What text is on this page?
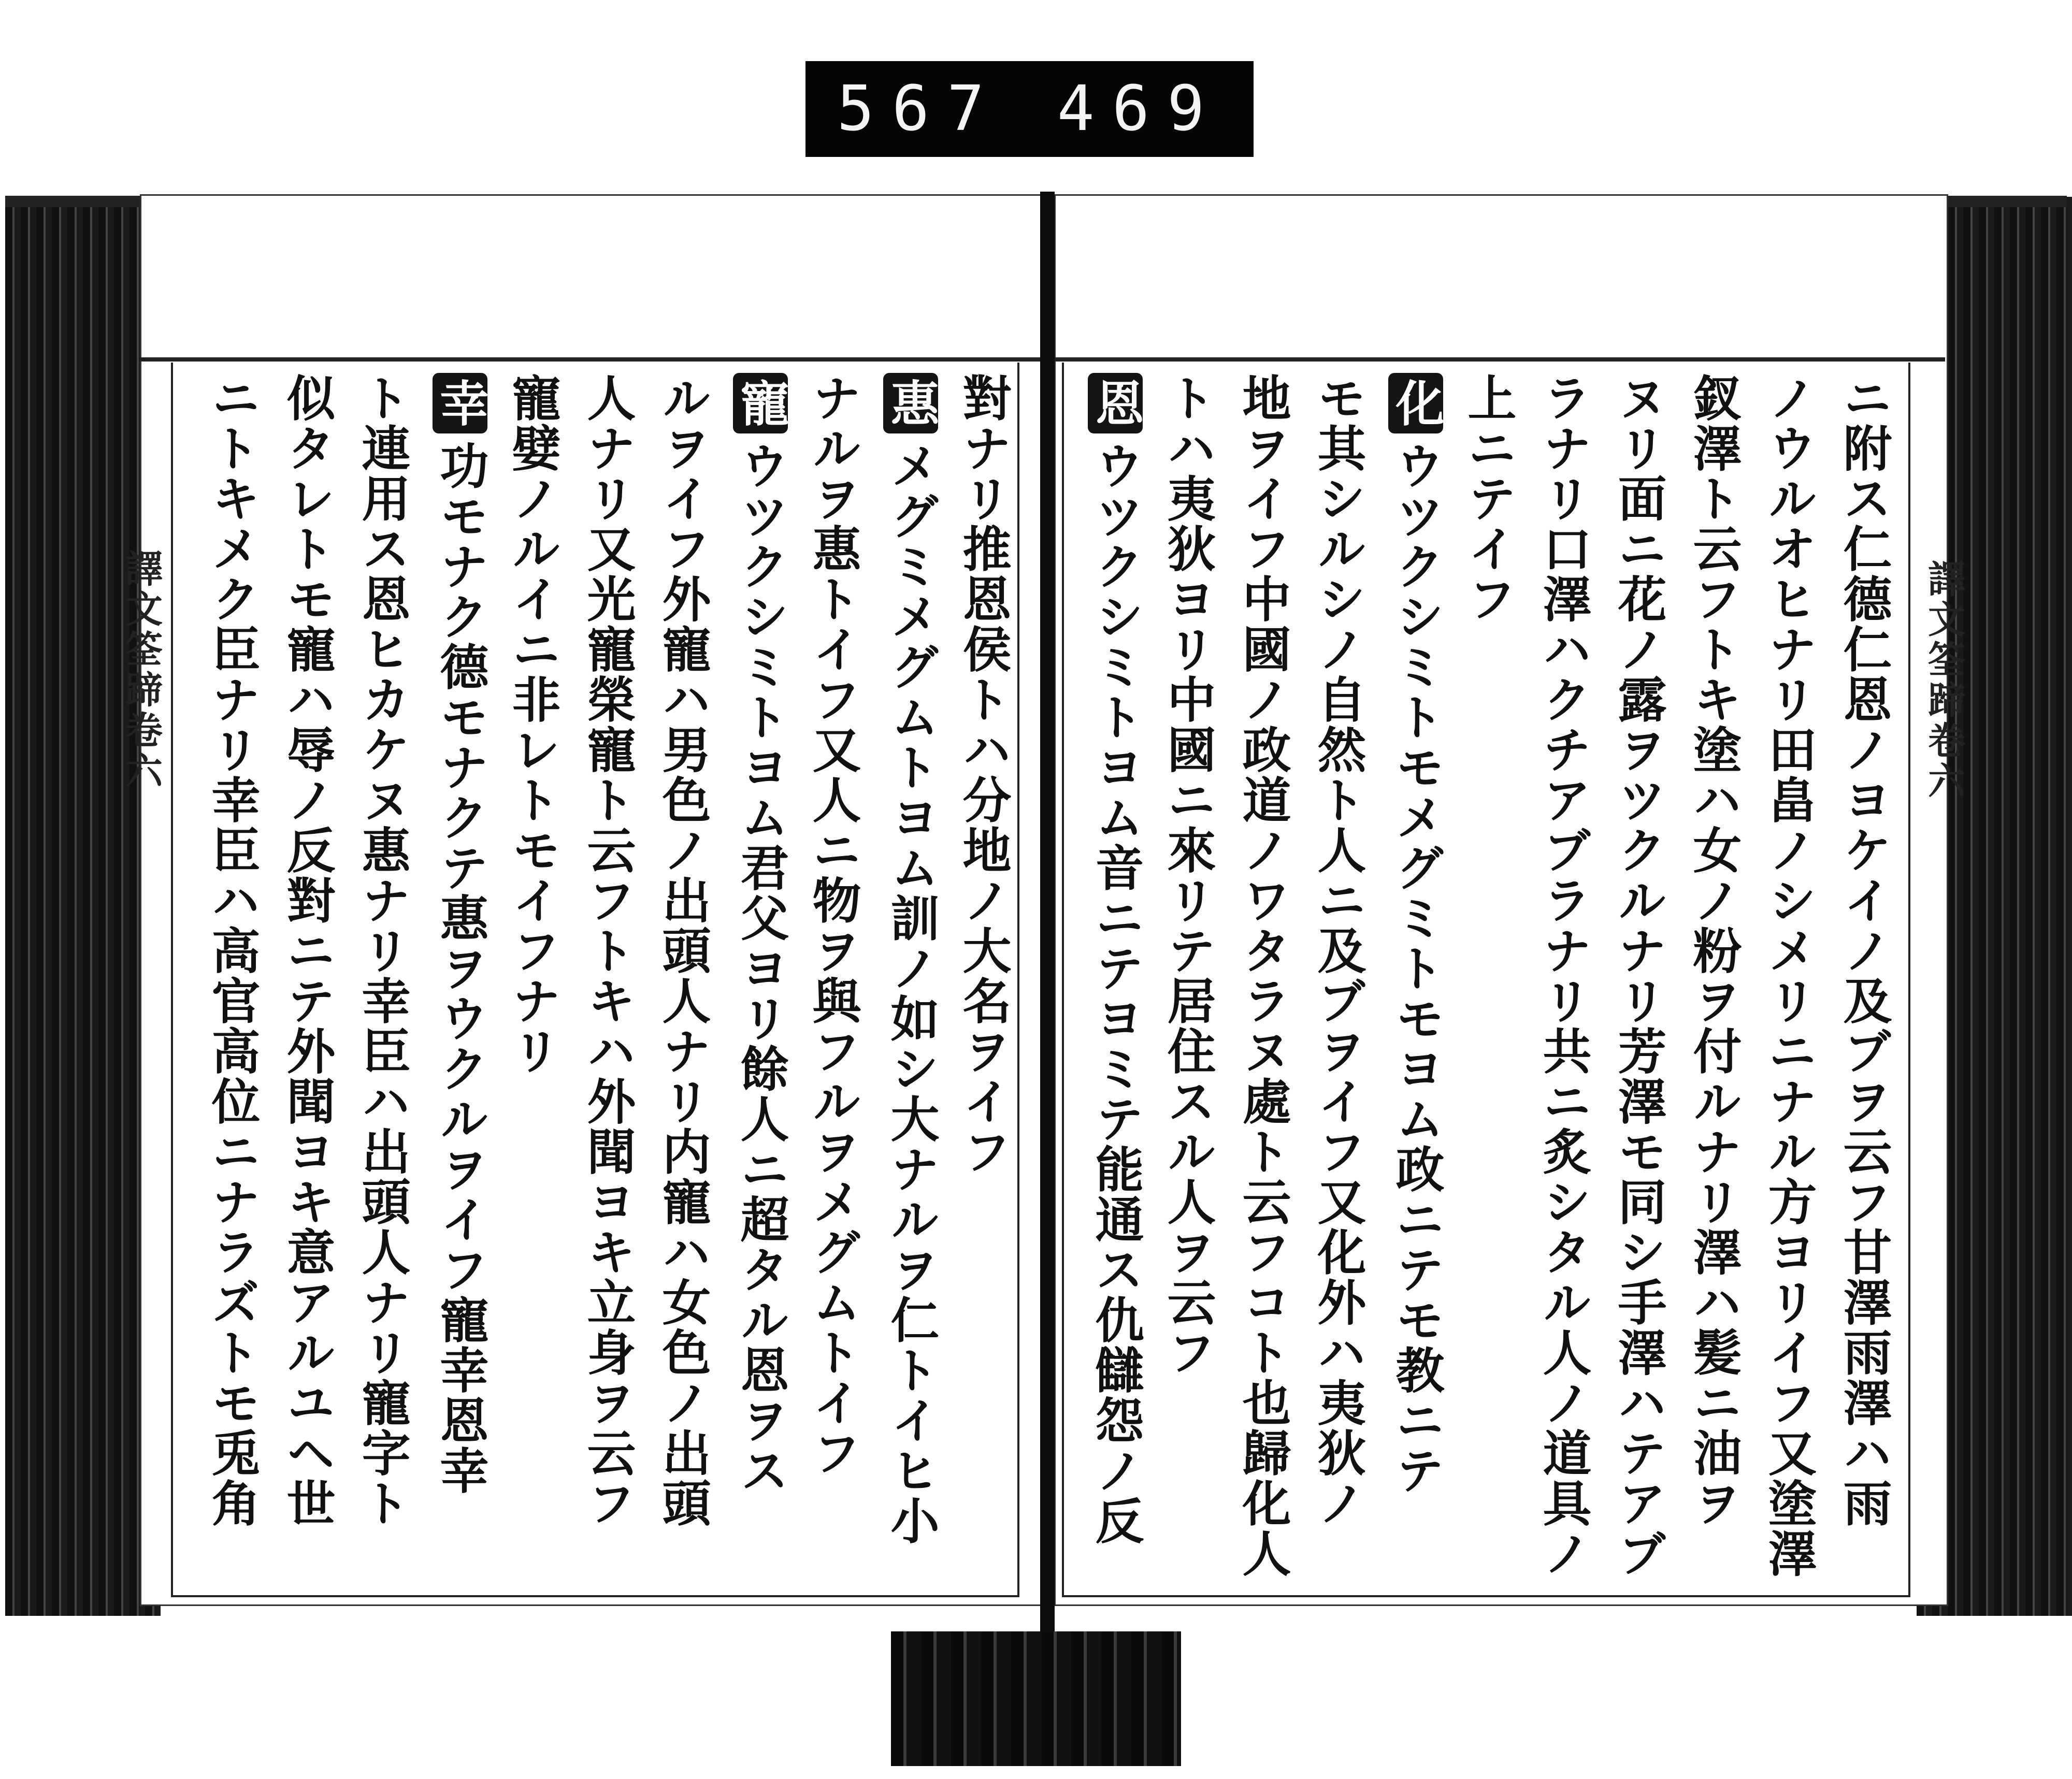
567 469
譯文筌蹄卷六	譯文筌蹄卷六
ニ附ス仁德仁恩ノヨケイノ及ブヲ云フ甘澤雨澤ハ雨
ノウルオヒナリ田畠ノシメリニナル方ヨリイフ又塗澤
釵澤ト云フトキ塗ハ女ノ粉ヲ付ルナリ澤ハ髪ニ油ヲ
ヌリ面ニ花ノ露ヲツクルナリ芳澤モ同シ手澤ハテアブ
ラナリ口澤ハクチアブラナリ共ニ炙シタル人ノ道具ノ
上ニテイフ
化ウツクシミトモメグミトモヨム政ニテモ教ニテ
モ其シルシノ自然ト人ニ及ブヲイフ又化外ハ夷狄ノ
地ヲイフ中國ノ政道ノワタラヌ處ト云フコト也歸化人
トハ夷狄ヨリ中國ニ來リテ居住スル人ヲ云フ
恩ウツクシミトヨム音ニテヨミテ能通ス仇讎怨ノ反
對ナリ推恩侯トハ分地ノ大名ヲイフ
惠メグミメグムトヨム訓ノ如シ大ナルヲ仁トイヒ小
ナルヲ惠トイフ又人ニ物ヲ與フルヲメグムトイフ
寵ウツクシミトヨム君父ヨリ餘人ニ超タル恩ヲス
ルヲイフ外寵ハ男色ノ出頭人ナリ内寵ハ女色ノ出頭
人ナリ又光寵榮寵ト云フトキハ外聞ヨキ立身ヲ云フ
寵嬖ノルイニ非レトモイフナリ
幸功モナク德モナクテ惠ヲウクルヲイフ寵幸恩幸
ト連用ス恩ヒカケヌ惠ナリ幸臣ハ出頭人ナリ寵字ト
似タレトモ寵ハ辱ノ反對ニテ外聞ヨキ意アルユヘ世
ニトキメク臣ナリ幸臣ハ高官高位ニナラズトモ兎角
